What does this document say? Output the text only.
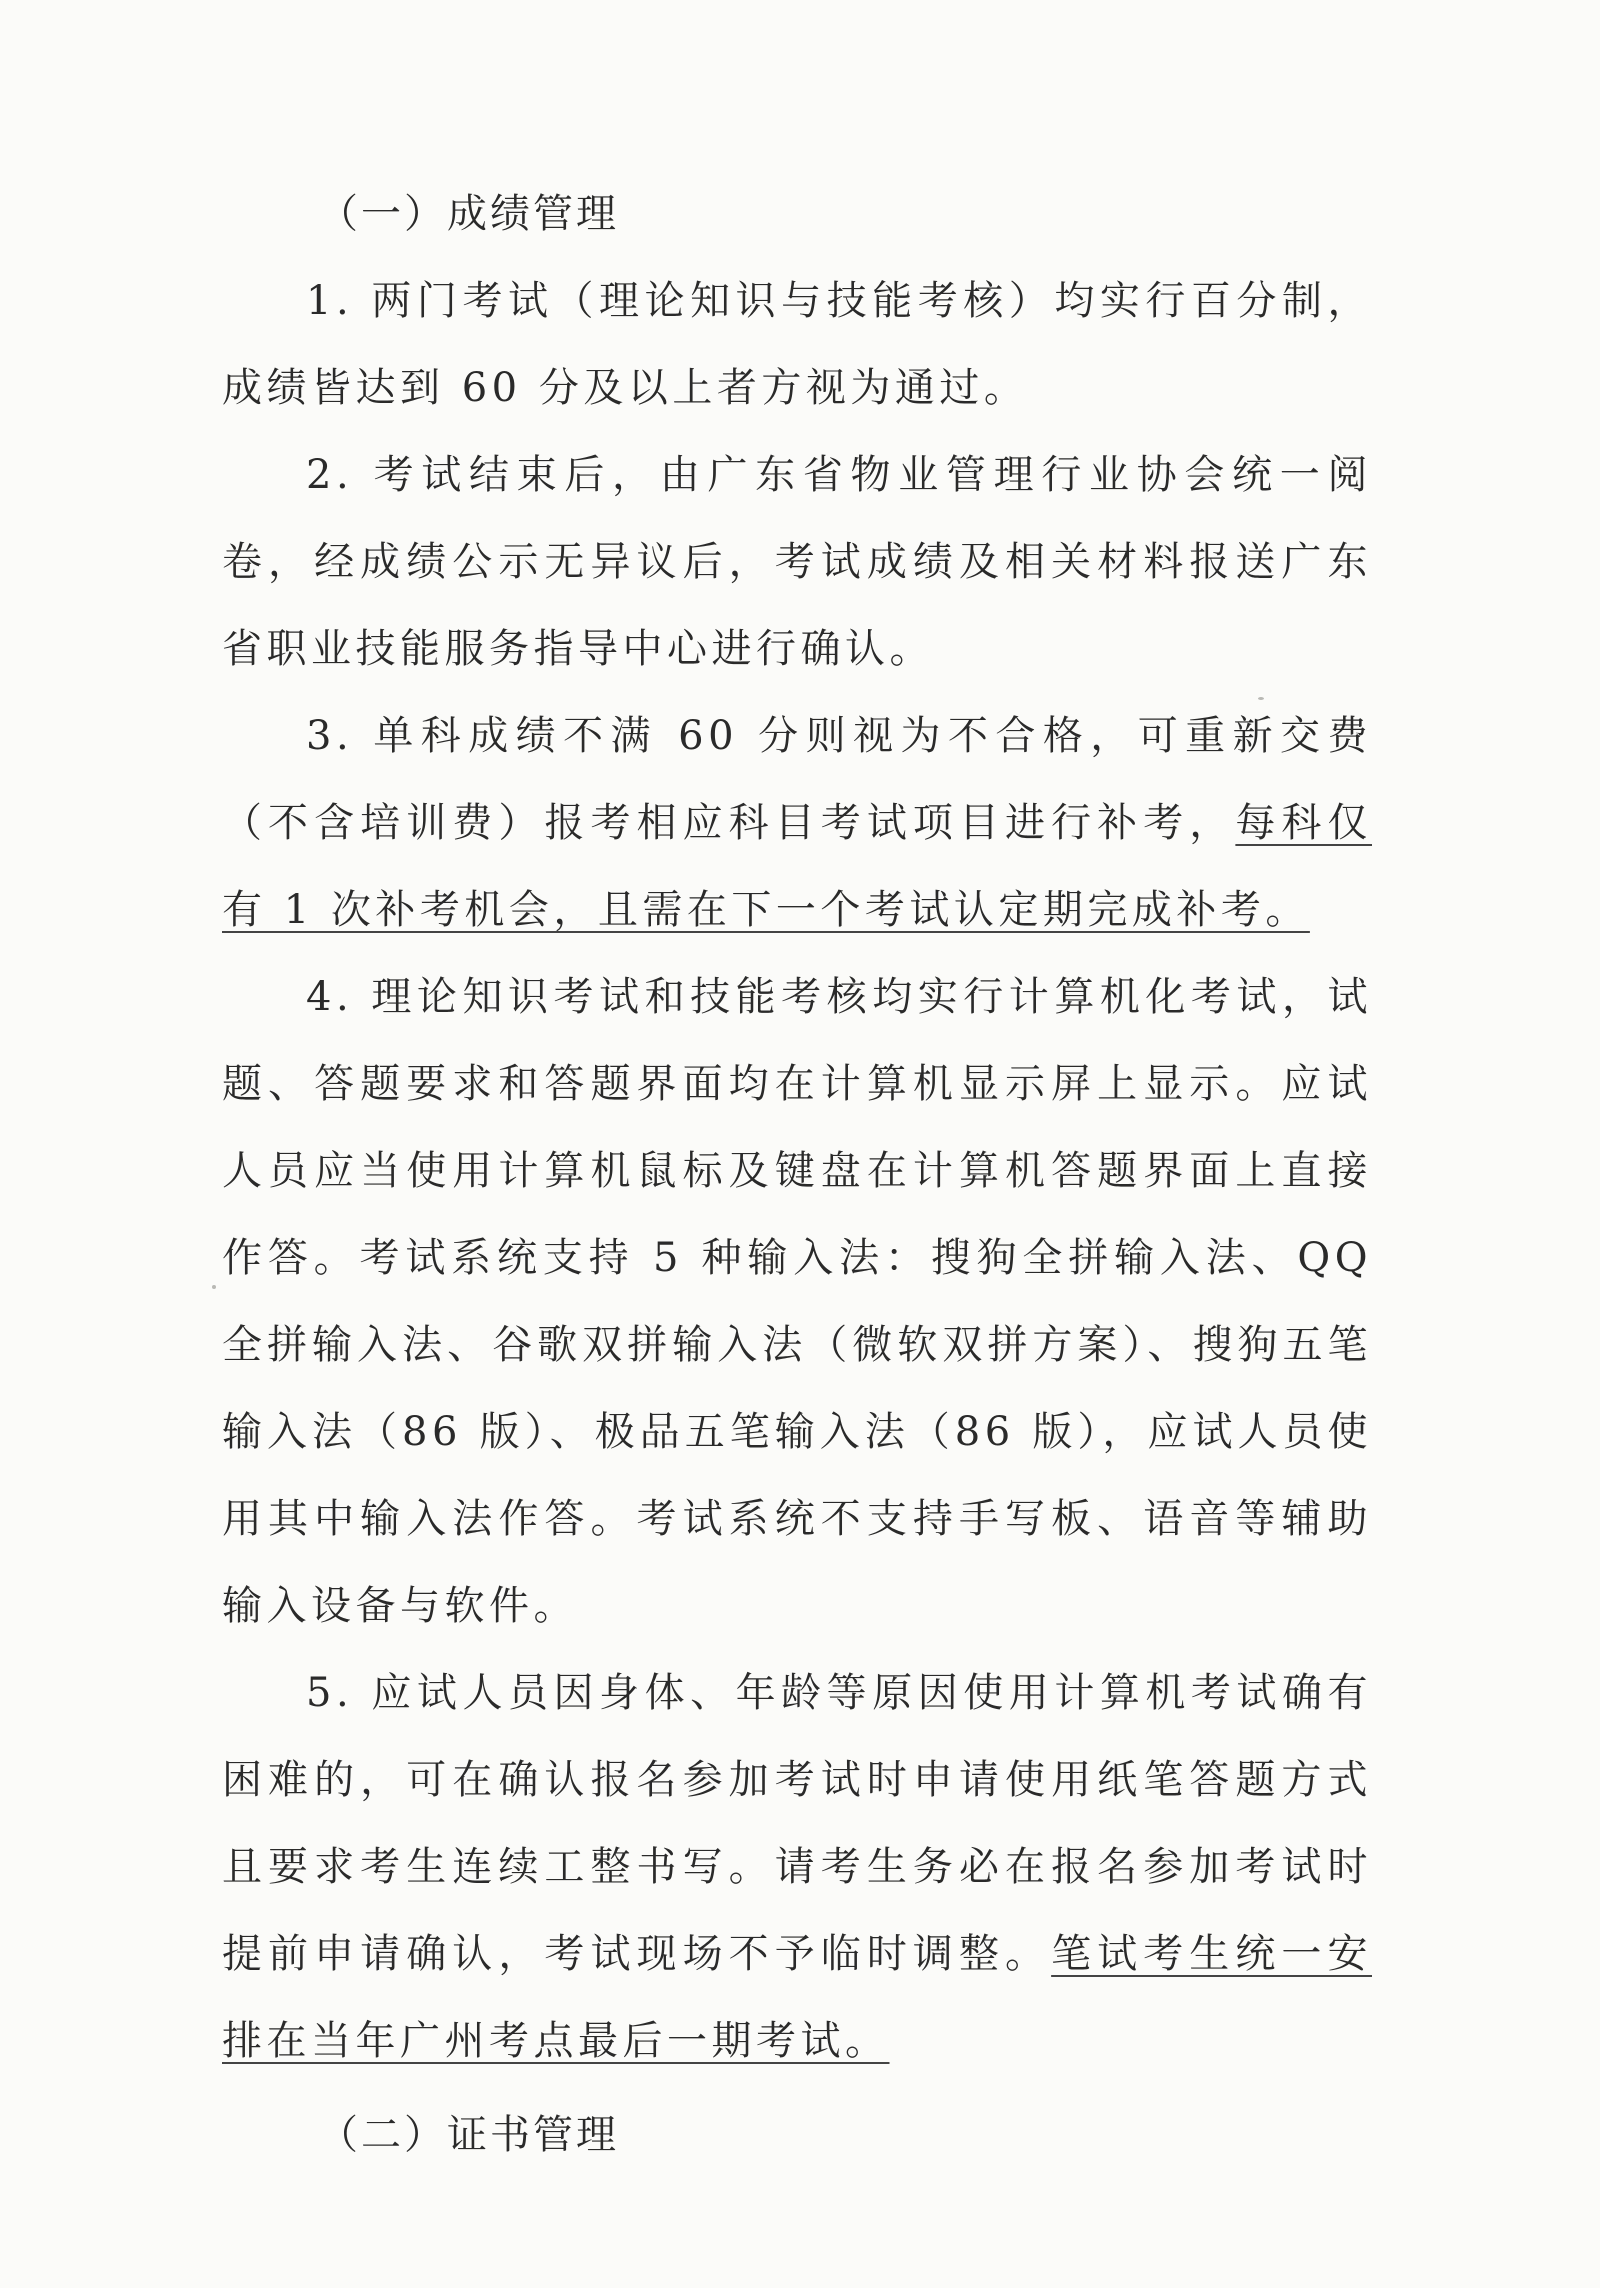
（一）成绩管理

1. 两门考试（理论知识与技能考核）均实行百分制，成绩皆达到 60 分及以上者方视为通过。

2. 考试结束后，由广东省物业管理行业协会统一阅卷，经成绩公示无异议后，考试成绩及相关材料报送广东省职业技能服务指导中心进行确认。

3. 单科成绩不满 60 分则视为不合格，可重新交费（不含培训费）报考相应科目考试项目进行补考，每科仅有 1 次补考机会，且需在下一个考试认定期完成补考。

4. 理论知识考试和技能考核均实行计算机化考试，试题、答题要求和答题界面均在计算机显示屏上显示。应试人员应当使用计算机鼠标及键盘在计算机答题界面上直接作答。考试系统支持 5 种输入法：搜狗全拼输入法、QQ 全拼输入法、谷歌双拼输入法（微软双拼方案）、搜狗五笔输入法（86 版）、极品五笔输入法（86 版），应试人员使用其中输入法作答。考试系统不支持手写板、语音等辅助输入设备与软件。

5. 应试人员因身体、年龄等原因使用计算机考试确有困难的，可在确认报名参加考试时申请使用纸笔答题方式且要求考生连续工整书写。请考生务必在报名参加考试时提前申请确认，考试现场不予临时调整。笔试考生统一安排在当年广州考点最后一期考试。

（二）证书管理
